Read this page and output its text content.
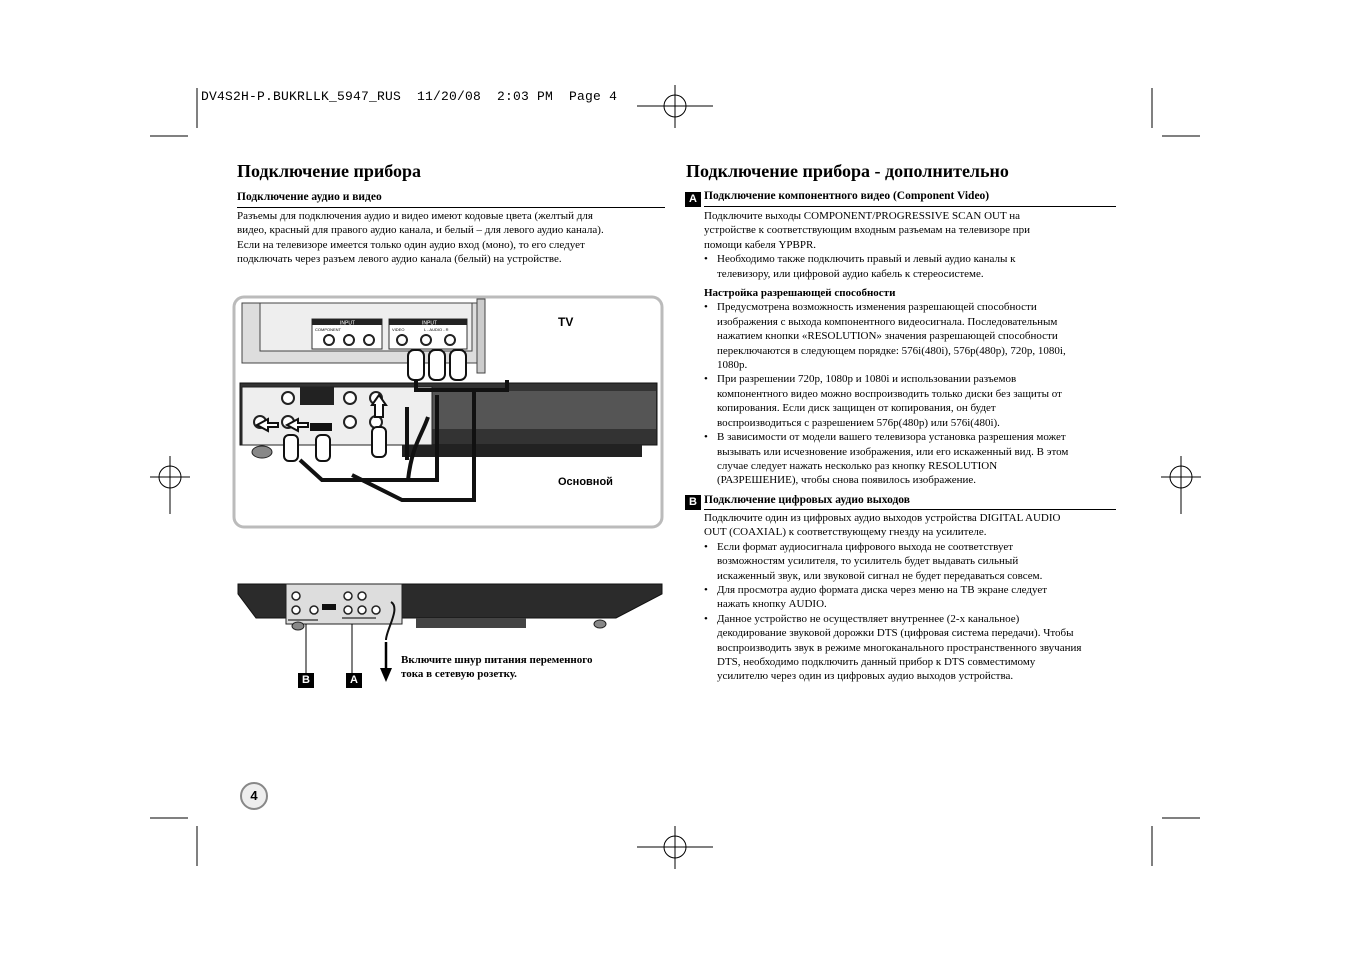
DV4S2H-P.BUKRLLK_5947_RUS  11/20/08  2:03 PM  Page 4
Подключение прибора
Подключение аудио и видео
Разъемы для подключения аудио и видео имеют кодовые цвета (желтый для
видео, красный для правого аудио канала, и белый – для левого аудио канала).
Если на телевизоре имеется только один аудио вход (моно), то его следует
подключать через разъем левого аудио канала (белый) на устройстве.
INPUT	INPUT
COMPONENT	VIDEO	L - AUDIO - R
TV
Основной
B	A
Включите шнур питания переменного
тока в сетевую розетку.
4
Подключение прибора - дополнительно
A Подключение компонентного видео (Component Video)
Подключите выходы COMPONENT/PROGRESSIVE SCAN OUT на
устройстве к соответствующим входным разъемам на телевизоре при
помощи кабеля YPBPR.
• Необходимо также подключить правый и левый аудио каналы к
телевизору, или цифровой аудио кабель к стереосистеме.
Настройка разрешающей способности
• Предусмотрена возможность изменения разрешающей способности
изображения с выхода компонентного видеосигнала. Последовательным
нажатием кнопки «RESOLUTION» значения разрешающей способности
переключаются в следующем порядке: 576i(480i), 576p(480p), 720p, 1080i,
1080p.
• При разрешении 720p, 1080p и 1080i и использовании разъемов
компонентного видео можно воспроизводить только диски без защиты от
копирования. Если диск защищен от копирования, он будет
воспроизводиться с разрешением 576p(480p) или 576i(480i).
• В зависимости от модели вашего телевизора установка разрешения может
вызывать или исчезновение изображения, или его искаженный вид. В этом
случае следует нажать несколько раз кнопку RESOLUTION
(РАЗРЕШЕНИЕ), чтобы снова появилось изображение.
B Подключение цифровых аудио выходов
Подключите один из цифровых аудио выходов устройства DIGITAL AUDIO
OUT (COAXIAL) к соответствующему гнезду на усилителе.
• Если формат аудиосигнала цифрового выхода не соответствует
возможностям усилителя, то усилитель будет выдавать сильный
искаженный звук, или звуковой сигнал не будет передаваться совсем.
• Для просмотра аудио формата диска через меню на ТВ экране следует
нажать кнопку AUDIO.
• Данное устройство не осуществляет внутреннее (2-х канальное)
декодирование звуковой дорожки DTS (цифровая система передачи). Чтобы
воспроизводить звук в режиме многоканального пространственного звучания
DTS, необходимо подключить данный прибор к DTS совместимому
усилителю через один из цифровых аудио выходов устройства.
